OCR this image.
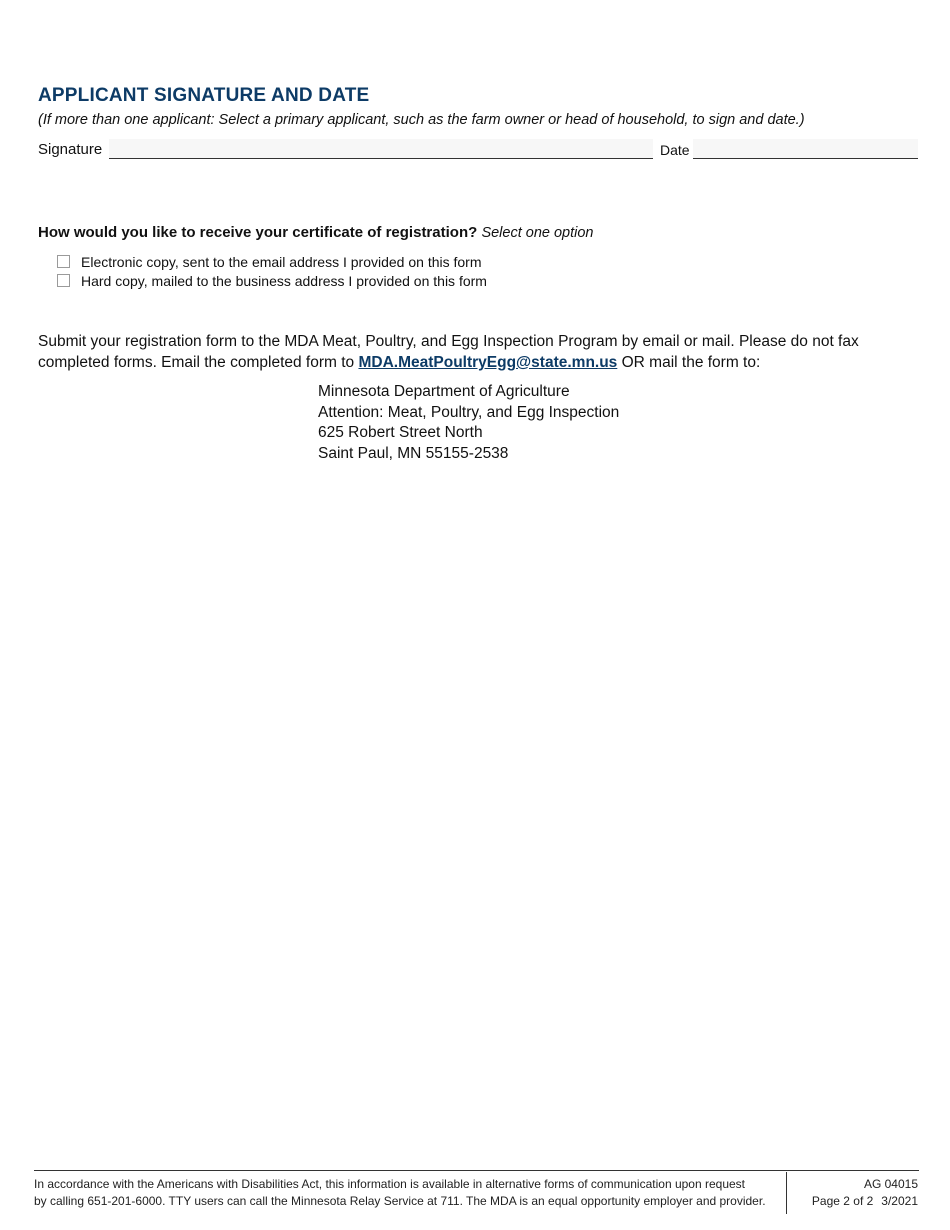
APPLICANT SIGNATURE AND DATE
(If more than one applicant: Select a primary applicant, such as the farm owner or head of household, to sign and date.)
Signature	Date
How would you like to receive your certificate of registration? Select one option
Electronic copy, sent to the email address I provided on this form
Hard copy, mailed to the business address I provided on this form
Submit your registration form to the MDA Meat, Poultry, and Egg Inspection Program by email or mail. Please do not fax completed forms. Email the completed form to MDA.MeatPoultryEgg@state.mn.us OR mail the form to:
Minnesota Department of Agriculture
Attention: Meat, Poultry, and Egg Inspection
625 Robert Street North
Saint Paul, MN 55155-2538
In accordance with the Americans with Disabilities Act, this information is available in alternative forms of communication upon request
by calling 651-201-6000. TTY users can call the Minnesota Relay Service at 711. The MDA is an equal opportunity employer and provider.
AG 04015
Page 2 of 2 3/2021
